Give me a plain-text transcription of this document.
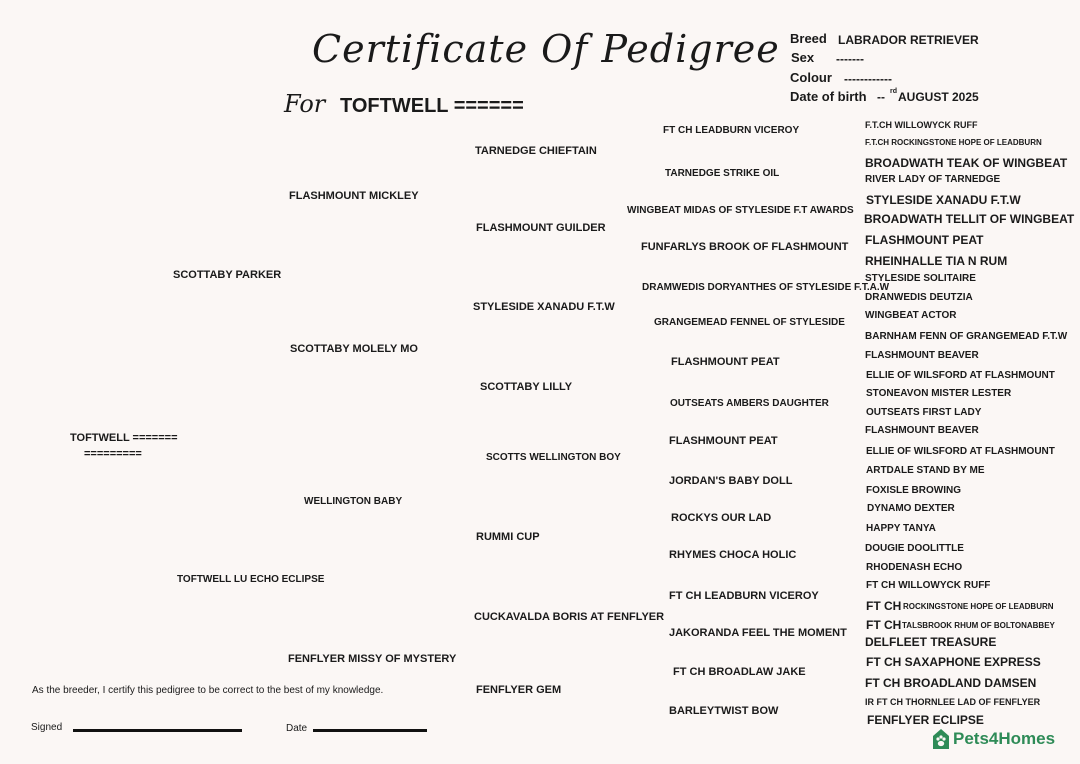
Certificate Of Pedigree
For TOFTWELL ======
Breed LABRADOR RETRIEVER
Sex -------
Colour ------------
Date of birth -- rd AUGUST 2025
TOFTWELL =======
=========
SCOTTABY PARKER
TOFTWELL LU ECHO ECLIPSE
FLASHMOUNT MICKLEY
SCOTTABY MOLELY MO
WELLINGTON BABY
FENFLYER MISSY OF MYSTERY
TARNEDGE CHIEFTAIN
FLASHMOUNT GUILDER
STYLESIDE XANADU F.T.W
SCOTTABY LILLY
SCOTTS WELLINGTON BOY
RUMMI CUP
CUCKAVALDA BORIS AT FENFLYER
FENFLYER GEM
FT CH LEADBURN VICEROY
TARNEDGE STRIKE OIL
WINGBEAT MIDAS OF STYLESIDE F.T AWARDS
FUNFARLYS BROOK OF FLASHMOUNT
DRAMWEDIS DORYANTHES OF STYLESIDE F.T.A.W
GRANGEMEAD FENNEL OF STYLESIDE
FLASHMOUNT PEAT
OUTSEATS AMBERS DAUGHTER
FLASHMOUNT PEAT
JORDAN'S BABY DOLL
ROCKYS OUR LAD
RHYMES CHOCA HOLIC
FT CH LEADBURN VICEROY
JAKORANDA FEEL THE MOMENT
FT CH BROADLAW JAKE
BARLEYTWIST BOW
F.T.CH WILLOWYCK RUFF
F.T.CH ROCKINGSTONE HOPE OF LEADBURN
BROADWATH TEAK OF WINGBEAT
RIVER LADY OF TARNEDGE
STYLESIDE XANADU F.T.W
BROADWATH TELLIT OF WINGBEAT
FLASHMOUNT PEAT
RHEINHALLE TIA N RUM
STYLESIDE SOLITAIRE
DRANWEDIS DEUTZIA
WINGBEAT ACTOR
BARNHAM FENN OF GRANGEMEAD F.T.W
FLASHMOUNT BEAVER
ELLIE OF WILSFORD AT FLASHMOUNT
STONEAVON MISTER LESTER
OUTSEATS FIRST LADY
FLASHMOUNT BEAVER
ELLIE OF WILSFORD AT FLASHMOUNT
ARTDALE STAND BY ME
FOXISLE BROWING
DYNAMO DEXTER
HAPPY TANYA
DOUGIE DOOLITTLE
RHODENASH ECHO
FT CH WILLOWYCK RUFF
FT CH ROCKINGSTONE HOPE OF LEADBURN
FT CH TALSBROOK RHUM OF BOLTONABBEY
DELFLEET TREASURE
FT CH SAXAPHONE EXPRESS
FT CH BROADLAND DAMSEN
IR FT CH THORNLEE LAD OF FENFLYER
FENFLYER ECLIPSE
As the breeder, I certify this pedigree to be correct to the best of my knowledge.
Signed	Date
Pets4Homes
